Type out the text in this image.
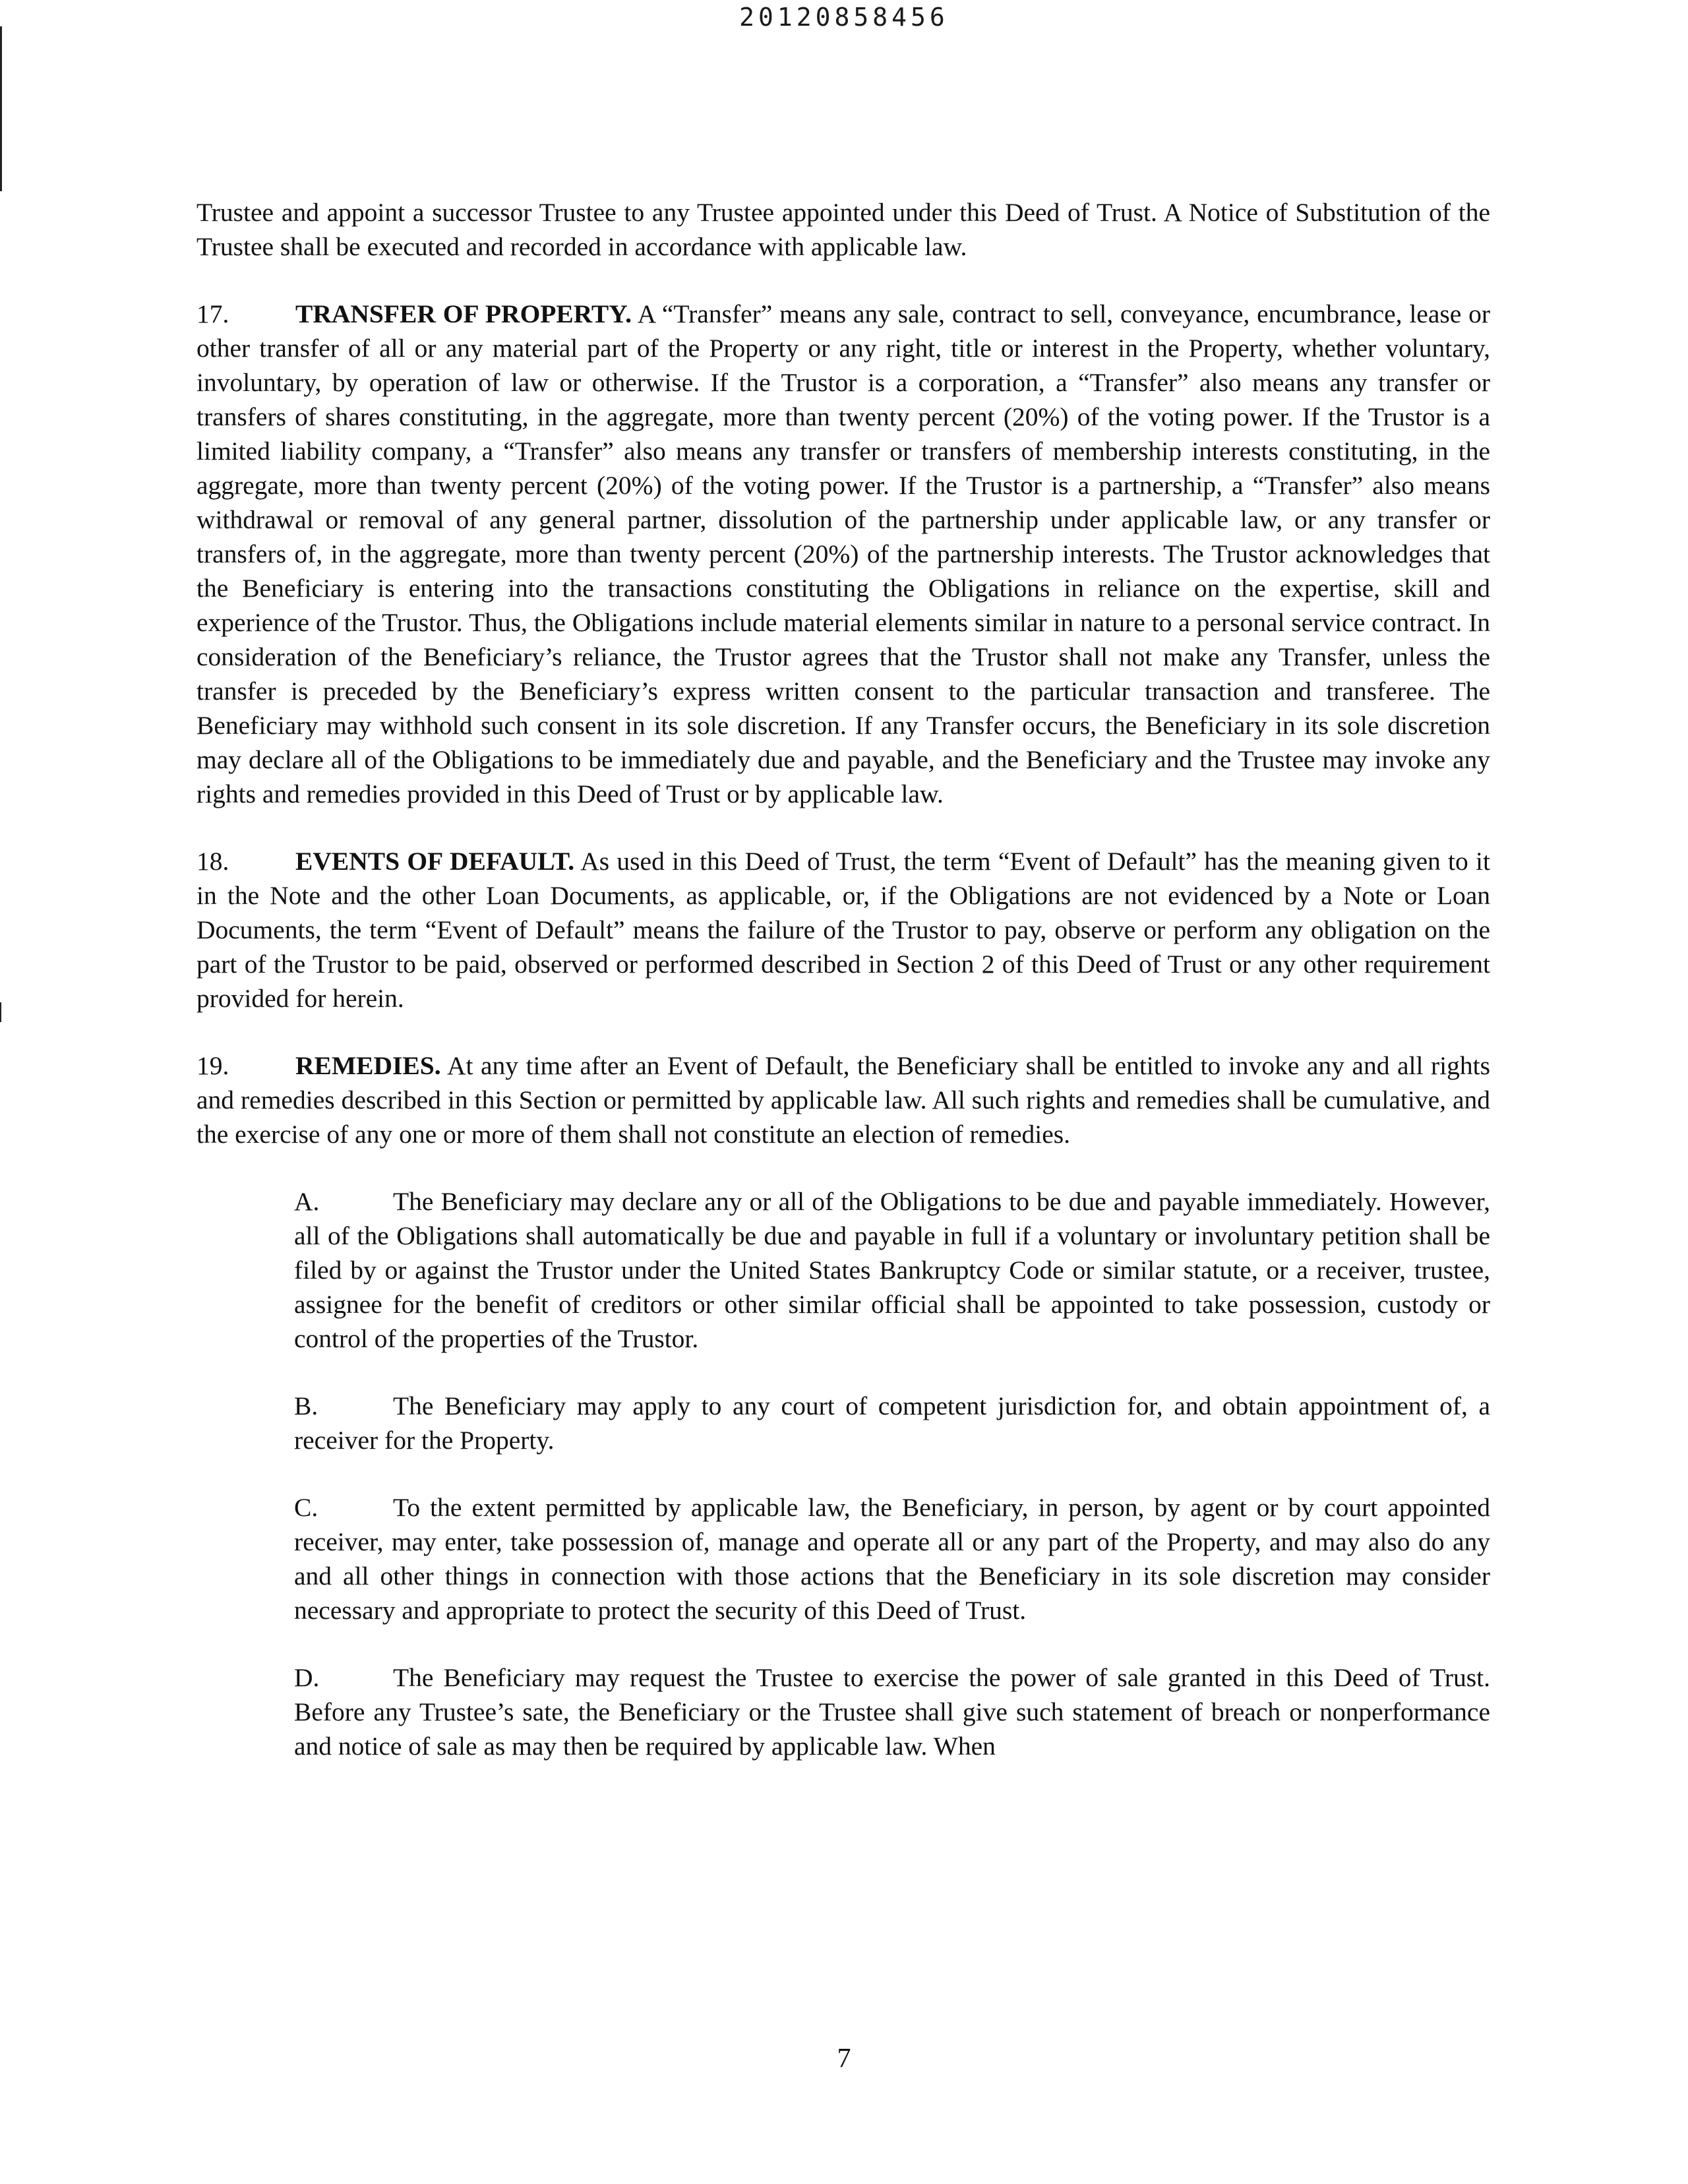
20120858456

Trustee and appoint a successor Trustee to any Trustee appointed under this Deed of Trust. A Notice of Substitution of the Trustee shall be executed and recorded in accordance with applicable law.

17.	TRANSFER OF PROPERTY. A “Transfer” means any sale, contract to sell, conveyance, encumbrance, lease or other transfer of all or any material part of the Property or any right, title or interest in the Property, whether voluntary, involuntary, by operation of law or otherwise. If the Trustor is a corporation, a “Transfer” also means any transfer or transfers of shares constituting, in the aggregate, more than twenty percent (20%) of the voting power. If the Trustor is a limited liability company, a “Transfer” also means any transfer or transfers of membership interests constituting, in the aggregate, more than twenty percent (20%) of the voting power. If the Trustor is a partnership, a “Transfer” also means withdrawal or removal of any general partner, dissolution of the partnership under applicable law, or any transfer or transfers of, in the aggregate, more than twenty percent (20%) of the partnership interests. The Trustor acknowledges that the Beneficiary is entering into the transactions constituting the Obligations in reliance on the expertise, skill and experience of the Trustor. Thus, the Obligations include material elements similar in nature to a personal service contract. In consideration of the Beneficiary’s reliance, the Trustor agrees that the Trustor shall not make any Transfer, unless the transfer is preceded by the Beneficiary’s express written consent to the particular transaction and transferee. The Beneficiary may withhold such consent in its sole discretion. If any Transfer occurs, the Beneficiary in its sole discretion may declare all of the Obligations to be immediately due and payable, and the Beneficiary and the Trustee may invoke any rights and remedies provided in this Deed of Trust or by applicable law.

18.	EVENTS OF DEFAULT. As used in this Deed of Trust, the term “Event of Default” has the meaning given to it in the Note and the other Loan Documents, as applicable, or, if the Obligations are not evidenced by a Note or Loan Documents, the term “Event of Default” means the failure of the Trustor to pay, observe or perform any obligation on the part of the Trustor to be paid, observed or performed described in Section 2 of this Deed of Trust or any other requirement provided for herein.

19.	REMEDIES. At any time after an Event of Default, the Beneficiary shall be entitled to invoke any and all rights and remedies described in this Section or permitted by applicable law. All such rights and remedies shall be cumulative, and the exercise of any one or more of them shall not constitute an election of remedies.

A.	The Beneficiary may declare any or all of the Obligations to be due and payable immediately. However, all of the Obligations shall automatically be due and payable in full if a voluntary or involuntary petition shall be filed by or against the Trustor under the United States Bankruptcy Code or similar statute, or a receiver, trustee, assignee for the benefit of creditors or other similar official shall be appointed to take possession, custody or control of the properties of the Trustor.

B.	The Beneficiary may apply to any court of competent jurisdiction for, and obtain appointment of, a receiver for the Property.

C.	To the extent permitted by applicable law, the Beneficiary, in person, by agent or by court appointed receiver, may enter, take possession of, manage and operate all or any part of the Property, and may also do any and all other things in connection with those actions that the Beneficiary in its sole discretion may consider necessary and appropriate to protect the security of this Deed of Trust.

D.	The Beneficiary may request the Trustee to exercise the power of sale granted in this Deed of Trust. Before any Trustee’s sate, the Beneficiary or the Trustee shall give such statement of breach or nonperformance and notice of sale as may then be required by applicable law. When

7
